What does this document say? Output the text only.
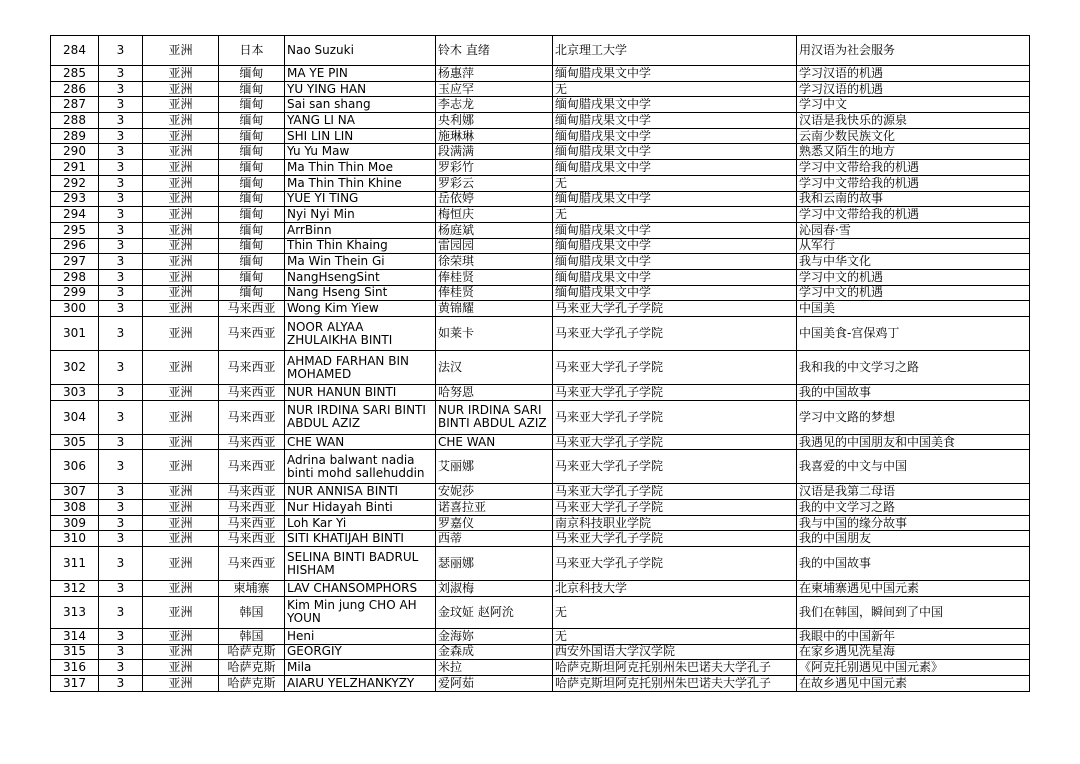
284	3	亚洲	日本	Nao Suzuki	铃木 直绪	北京理工大学	用汉语为社会服务
285	3	亚洲	缅甸	MA YE PIN	杨惠萍	缅甸腊戌果文中学	学习汉语的机遇
286	3	亚洲	缅甸	YU YING HAN	玉应罕	无	学习汉语的机遇
287	3	亚洲	缅甸	Sai san shang	李志龙	缅甸腊戌果文中学	学习中文
288	3	亚洲	缅甸	YANG LI NA	央利娜	缅甸腊戌果文中学	汉语是我快乐的源泉
289	3	亚洲	缅甸	SHI LIN LIN	施琳琳	缅甸腊戌果文中学	云南少数民族文化
290	3	亚洲	缅甸	Yu Yu Maw	段满满	缅甸腊戌果文中学	熟悉又陌生的地方
291	3	亚洲	缅甸	Ma Thin Thin Moe	罗彩竹	缅甸腊戌果文中学	学习中文带给我的机遇
292	3	亚洲	缅甸	Ma Thin Thin Khine	罗彩云	无	学习中文带给我的机遇
293	3	亚洲	缅甸	YUE YI TING	岳依婷	缅甸腊戌果文中学	我和云南的故事
294	3	亚洲	缅甸	Nyi Nyi Min	梅恒庆	无	学习中文带给我的机遇
295	3	亚洲	缅甸	ArrBinn	杨庭斌	缅甸腊戌果文中学	沁园春·雪
296	3	亚洲	缅甸	Thin Thin Khaing	雷园园	缅甸腊戌果文中学	从军行
297	3	亚洲	缅甸	Ma Win Thein Gi	徐荣琪	缅甸腊戌果文中学	我与中华文化
298	3	亚洲	缅甸	NangHsengSint	俸桂贤	缅甸腊戌果文中学	学习中文的机遇
299	3	亚洲	缅甸	Nang Hseng Sint	俸桂贤	缅甸腊戌果文中学	学习中文的机遇
300	3	亚洲	马来西亚	Wong Kim Yiew	黄锦耀	马来亚大学孔子学院	中国美
301	3	亚洲	马来西亚	NOOR ALYAA ZHULAIKHA BINTI	如莱卡	马来亚大学孔子学院	中国美食-宫保鸡丁
302	3	亚洲	马来西亚	AHMAD FARHAN BIN MOHAMED	法汉	马来亚大学孔子学院	我和我的中文学习之路
303	3	亚洲	马来西亚	NUR HANUN BINTI	哈努恩	马来亚大学孔子学院	我的中国故事
304	3	亚洲	马来西亚	NUR IRDINA SARI BINTI ABDUL AZIZ	NUR IRDINA SARI BINTI ABDUL AZIZ	马来亚大学孔子学院	学习中文路的梦想
305	3	亚洲	马来西亚	CHE WAN	CHE WAN	马来亚大学孔子学院	我遇见的中国朋友和中国美食
306	3	亚洲	马来西亚	Adrina balwant nadia binti mohd sallehuddin	艾丽娜	马来亚大学孔子学院	我喜爱的中文与中国
307	3	亚洲	马来西亚	NUR ANNISA BINTI	安妮莎	马来亚大学孔子学院	汉语是我第二母语
308	3	亚洲	马来西亚	Nur Hidayah Binti	诺喜拉亚	马来亚大学孔子学院	我的中文学习之路
309	3	亚洲	马来西亚	Loh Kar Yi	罗嘉仪	南京科技职业学院	我与中国的缘分故事
310	3	亚洲	马来西亚	SITI KHATIJAH BINTI	西蒂	马来亚大学孔子学院	我的中国朋友
311	3	亚洲	马来西亚	SELINA BINTI BADRUL HISHAM	瑟丽娜	马来亚大学孔子学院	我的中国故事
312	3	亚洲	柬埔寨	LAV CHANSOMPHORS	刘淑梅	北京科技大学	在柬埔寨遇见中国元素
313	3	亚洲	韩国	Kim Min jung CHO AH YOUN	金玟姃 赵阿沇	无	我们在韩国，瞬间到了中国
314	3	亚洲	韩国	Heni	金海妳	无	我眼中的中国新年
315	3	亚洲	哈萨克斯	GEORGIY	金森成	西安外国语大学汉学院	在家乡遇见洗星海
316	3	亚洲	哈萨克斯	Mila	米拉	哈萨克斯坦阿克托别州朱巴诺夫大学孔子	《阿克托别遇见中国元素》
317	3	亚洲	哈萨克斯	AIARU YELZHANKYZY	爱阿茹	哈萨克斯坦阿克托别州朱巴诺夫大学孔子	在故乡遇见中国元素
